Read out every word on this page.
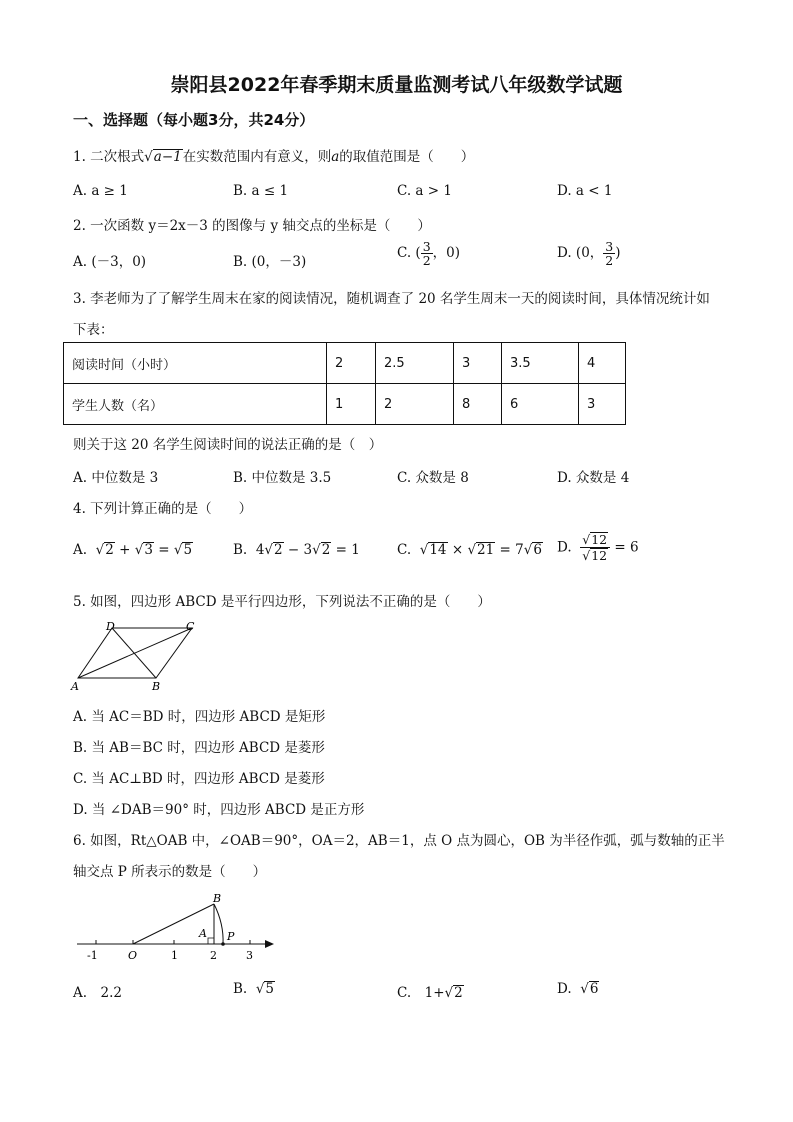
崇阳县2022年春季期末质量监测考试八年级数学试题
一、选择题（每小题3分，共24分）
1. 二次根式√a−1在实数范围内有意义，则a的取值范围是（　　）
A. a ≥ 1	B. a ≤ 1	C. a > 1	D. a < 1
2. 一次函数 y＝2x－3 的图像与 y 轴交点的坐标是（　　）
A. (－3，0)	B. (0，－3)
C. ( $\frac{3}{2}$ ，0)	D. (0， $\frac{3}{2}$ )
3. 李老师为了了解学生周末在家的阅读情况，随机调查了 20 名学生周末一天的阅读时间，具体情况统计如
下表：
阅读时间（小时）	2	2.5	3	3.5	4
学生人数（名）	1	2	8	6	3
则关于这 20 名学生阅读时间的说法正确的是（　）
A. 中位数是 3	B. 中位数是 3.5	C. 众数是 8	D. 众数是 4
4. 下列计算正确的是（　　）
A. √2 + √3 = √5	B. 4√2 − 3√2 = 1	C. √14 × √21 = 7√6 D. $\frac{√12}{√12} = 6$
5. 如图，四边形 ABCD 是平行四边形，下列说法不正确的是（　　）
A	B
C
D
A. 当 AC＝BD 时，四边形 ABCD 是矩形
B. 当 AB＝BC 时，四边形 ABCD 是菱形
C. 当 AC⊥BD 时，四边形 ABCD 是菱形
D. 当 ∠DAB＝90° 时，四边形 ABCD 是正方形
6. 如图，Rt△OAB 中，∠OAB＝90°，OA＝2，AB＝1，点 O 点为圆心，OB 为半径作弧，弧与数轴的正半
轴交点 P 所表示的数是（　　）
-1	O	1	2	3
A
B
P
A.　2.2	B. √5	C.　1+√2	D. √6
